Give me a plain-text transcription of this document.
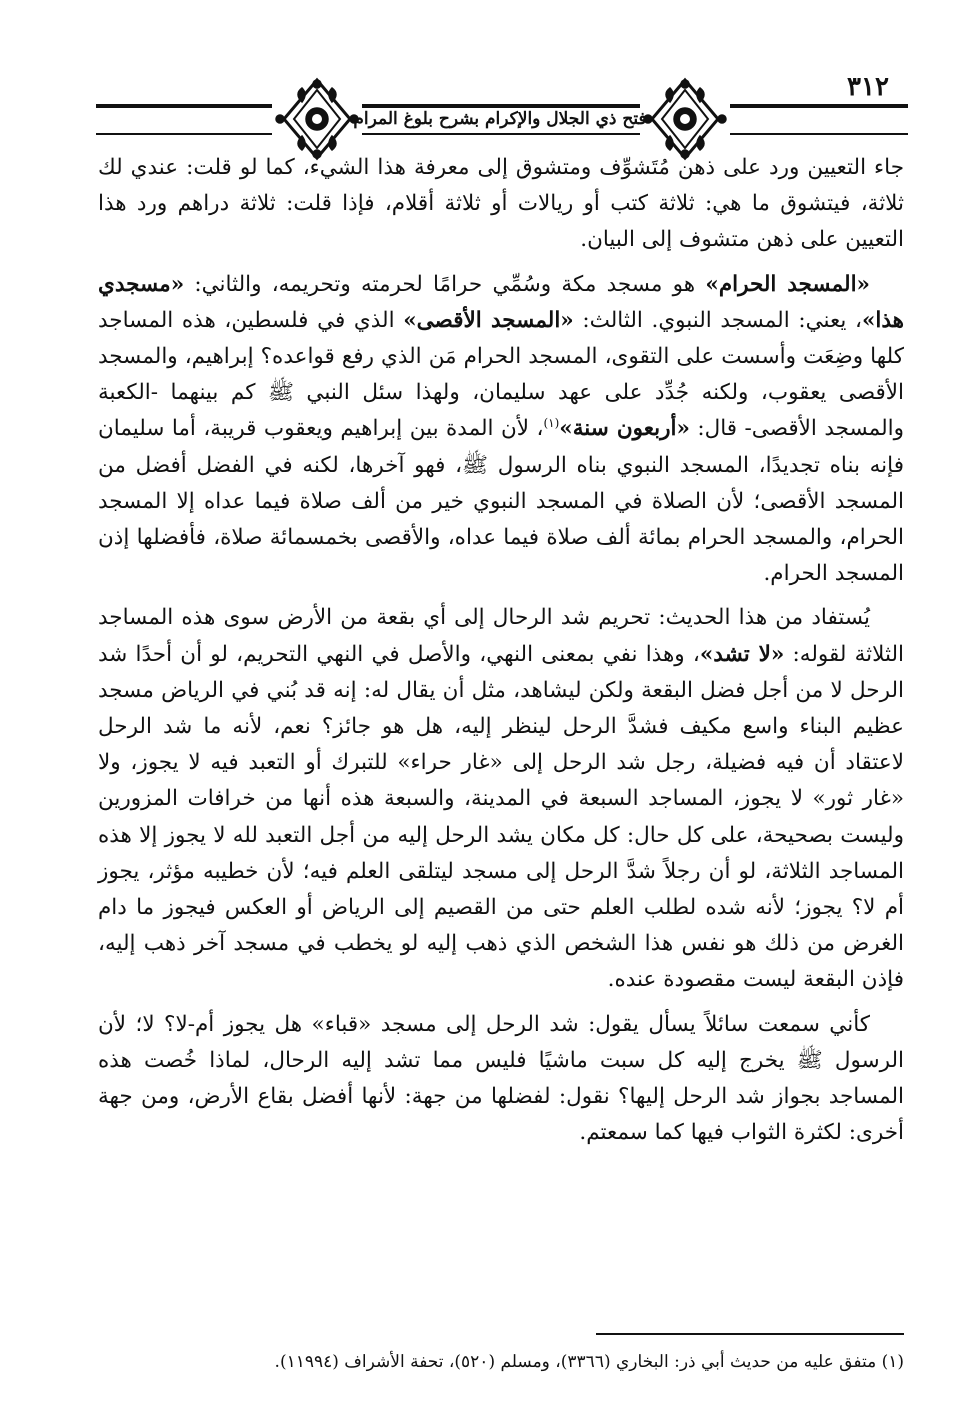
٣١٢
فتح ذي الجلال والإكرام بشرح بلوغ المرام

جاء التعيين ورد على ذهن مُتَشوِّف ومتشوق إلى معرفة هذا الشيء، كما لو قلت: عندي لك ثلاثة، فيتشوق ما هي: ثلاثة كتب أو ريالات أو ثلاثة أقلام، فإذا قلت: ثلاثة دراهم ورد هذا التعيين على ذهن متشوف إلى البيان.

«المسجد الحرام» هو مسجد مكة وسُمِّي حرامًا لحرمته وتحريمه، والثاني: «مسجدي هذا»، يعني: المسجد النبوي. الثالث: «المسجد الأقصى» الذي في فلسطين، هذه المساجد كلها وضِعَت وأسست على التقوى، المسجد الحرام مَن الذي رفع قواعده؟ إبراهيم، والمسجد الأقصى يعقوب، ولكنه جُدِّد على عهد سليمان، ولهذا سئل النبي ﷺ كم بينهما -الكعبة والمسجد الأقصى- قال: «أربعون سنة»$^{(١)}$، لأن المدة بين إبراهيم ويعقوب قريبة، أما سليمان فإنه بناه تجديدًا، المسجد النبوي بناه الرسول ﷺ، فهو آخرها، لكنه في الفضل أفضل من المسجد الأقصى؛ لأن الصلاة في المسجد النبوي خير من ألف صلاة فيما عداه إلا المسجد الحرام، والمسجد الحرام بمائة ألف صلاة فيما عداه، والأقصى بخمسمائة صلاة، فأفضلها إذن المسجد الحرام.

يُستفاد من هذا الحديث: تحريم شد الرحال إلى أي بقعة من الأرض سوى هذه المساجد الثلاثة لقوله: «لا تشد»، وهذا نفي بمعنى النهي، والأصل في النهي التحريم، لو أن أحدًا شد الرحل لا من أجل فضل البقعة ولكن ليشاهد، مثل أن يقال له: إنه قد بُني في الرياض مسجد عظيم البناء واسع مكيف فشدَّ الرحل لينظر إليه، هل هو جائز؟ نعم، لأنه ما شد الرحل لاعتقاد أن فيه فضيلة، رجل شد الرحل إلى «غار حراء» للتبرك أو التعبد فيه لا يجوز، ولا «غار ثور» لا يجوز، المساجد السبعة في المدينة، والسبعة هذه أنها من خرافات المزورين وليست بصحيحة، على كل حال: كل مكان يشد الرحل إليه من أجل التعبد لله لا يجوز إلا هذه المساجد الثلاثة، لو أن رجلاً شدَّ الرحل إلى مسجد ليتلقى العلم فيه؛ لأن خطيبه مؤثر، يجوز أم لا؟ يجوز؛ لأنه شده لطلب العلم حتى من القصيم إلى الرياض أو العكس فيجوز ما دام الغرض من ذلك هو نفس هذا الشخص الذي ذهب إليه لو يخطب في مسجد آخر ذهب إليه، فإذن البقعة ليست مقصودة عنده.

كأني سمعت سائلاً يسأل يقول: شد الرحل إلى مسجد «قباء» هل يجوز أم-لا؟ لا؛ لأن الرسول ﷺ يخرج إليه كل سبت ماشيًا فليس مما تشد إليه الرحال، لماذا خُصت هذه المساجد بجواز شد الرحل إليها؟ نقول: لفضلها من جهة: لأنها أفضل بقاع الأرض، ومن جهة أخرى: لكثرة الثواب فيها كما سمعتم.

(١) متفق عليه من حديث أبي ذر: البخاري (٣٣٦٦)، ومسلم (٥٢٠)، تحفة الأشراف (١١٩٩٤).
